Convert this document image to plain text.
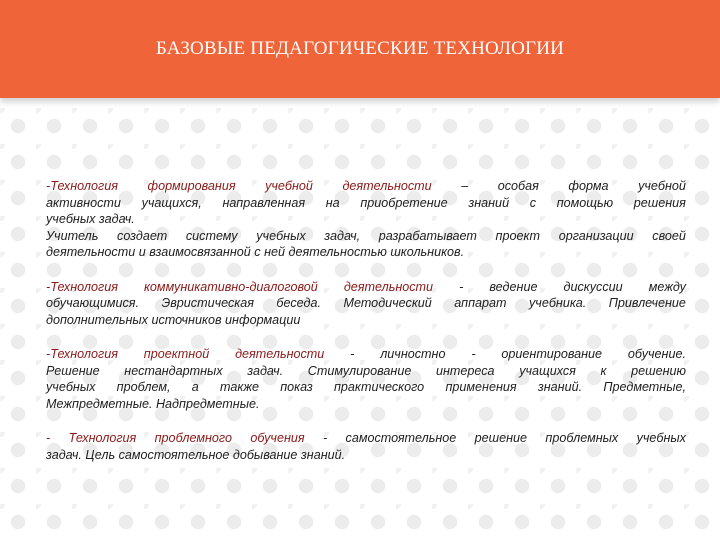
БАЗОВЫЕ ПЕДАГОГИЧЕСКИЕ ТЕХНОЛОГИИ
-Технология формирования учебной деятельности – особая форма учебной
активности учащихся, направленная на приобретение знаний с помощью решения
учебных задач.
Учитель создает систему учебных задач, разрабатывает проект организации своей
деятельности и взаимосвязанной с ней деятельностью школьников.
-Технология коммуникативно-диалоговой деятельности - ведение дискуссии между
обучающимися. Эвристическая беседа. Методический аппарат учебника. Привлечение
дополнительных источников информации
-Технология проектной деятельности - личностно - ориентирование обучение.
Решение нестандартных задач. Стимулирование интереса учащихся к решению
учебных проблем, а также показ практического применения знаний. Предметные,
Межпредметные. Надпредметные.
- Технология проблемного обучения - самостоятельное решение проблемных учебных
задач. Цель самостоятельное добывание знаний.
